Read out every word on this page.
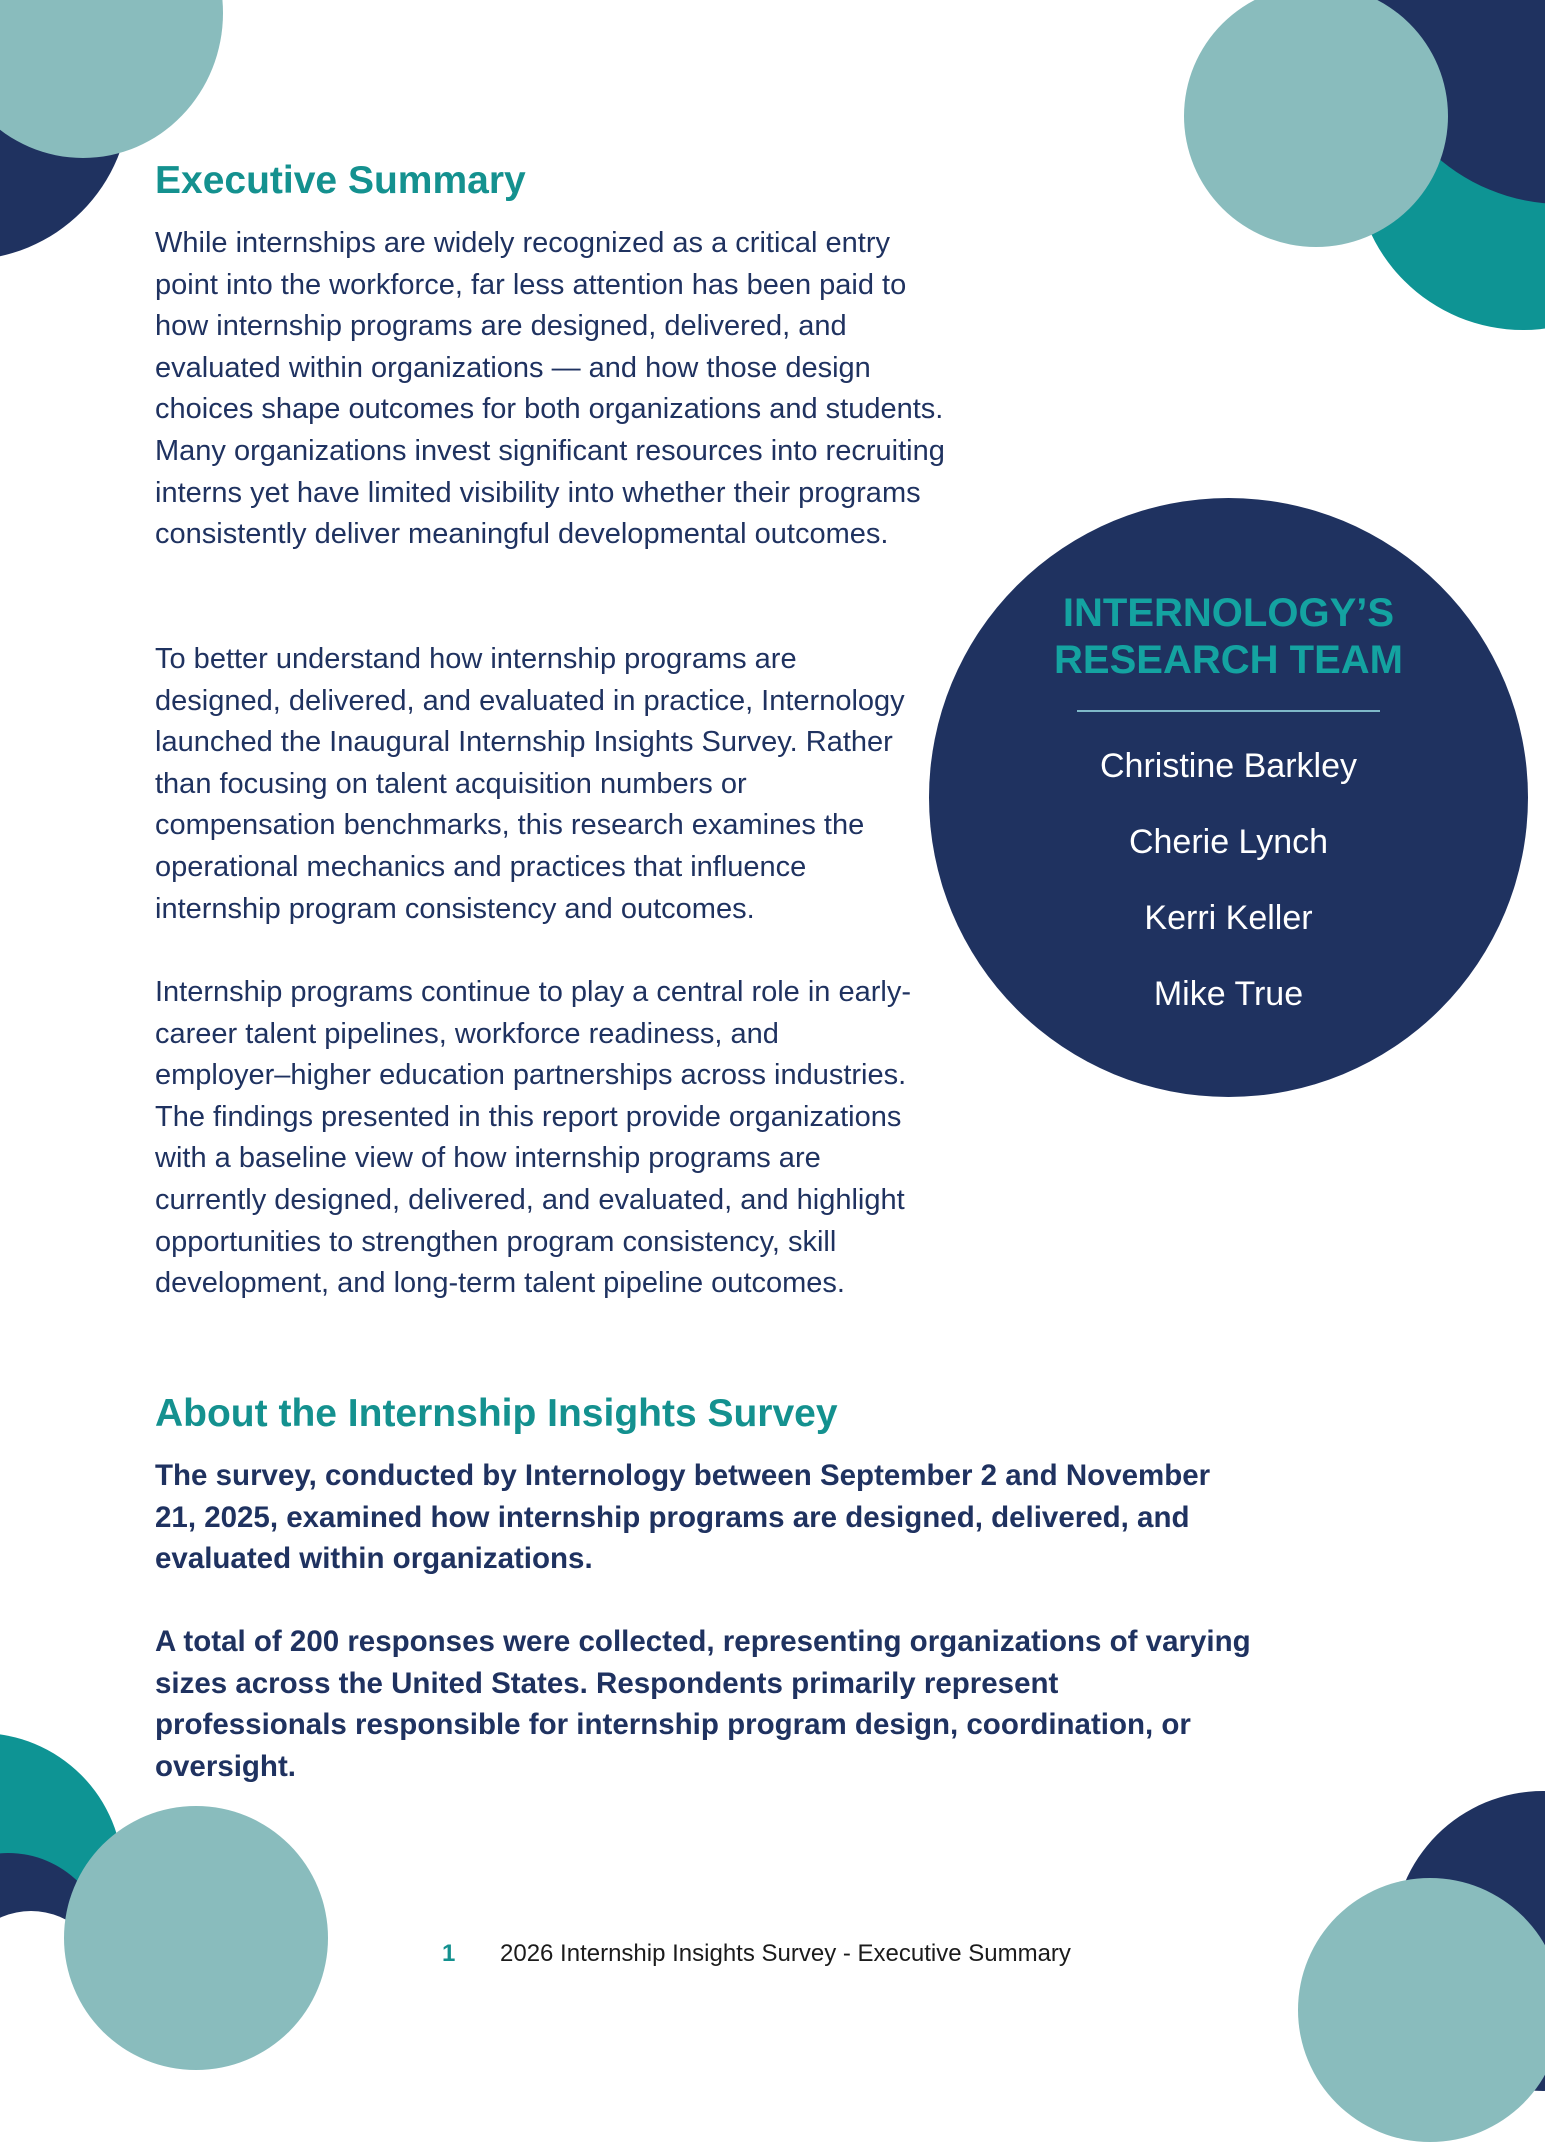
Executive Summary

While internships are widely recognized as a critical entry point into the workforce, far less attention has been paid to how internship programs are designed, delivered, and evaluated within organizations — and how those design choices shape outcomes for both organizations and students. Many organizations invest significant resources into recruiting interns yet have limited visibility into whether their programs consistently deliver meaningful developmental outcomes.

To better understand how internship programs are designed, delivered, and evaluated in practice, Internology launched the Inaugural Internship Insights Survey. Rather than focusing on talent acquisition numbers or compensation benchmarks, this research examines the operational mechanics and practices that influence internship program consistency and outcomes.

Internship programs continue to play a central role in early-career talent pipelines, workforce readiness, and employer–higher education partnerships across industries. The findings presented in this report provide organizations with a baseline view of how internship programs are currently designed, delivered, and evaluated, and highlight opportunities to strengthen program consistency, skill development, and long-term talent pipeline outcomes.

INTERNOLOGY’S
RESEARCH TEAM

Christine Barkley
Cherie Lynch
Kerri Keller
Mike True
About the Internship Insights Survey

The survey, conducted by Internology between September 2 and November 21, 2025, examined how internship programs are designed, delivered, and evaluated within organizations.

A total of 200 responses were collected, representing organizations of varying sizes across the United States. Respondents primarily represent professionals responsible for internship program design, coordination, or oversight.

1 2026 Internship Insights Survey - Executive Summary
